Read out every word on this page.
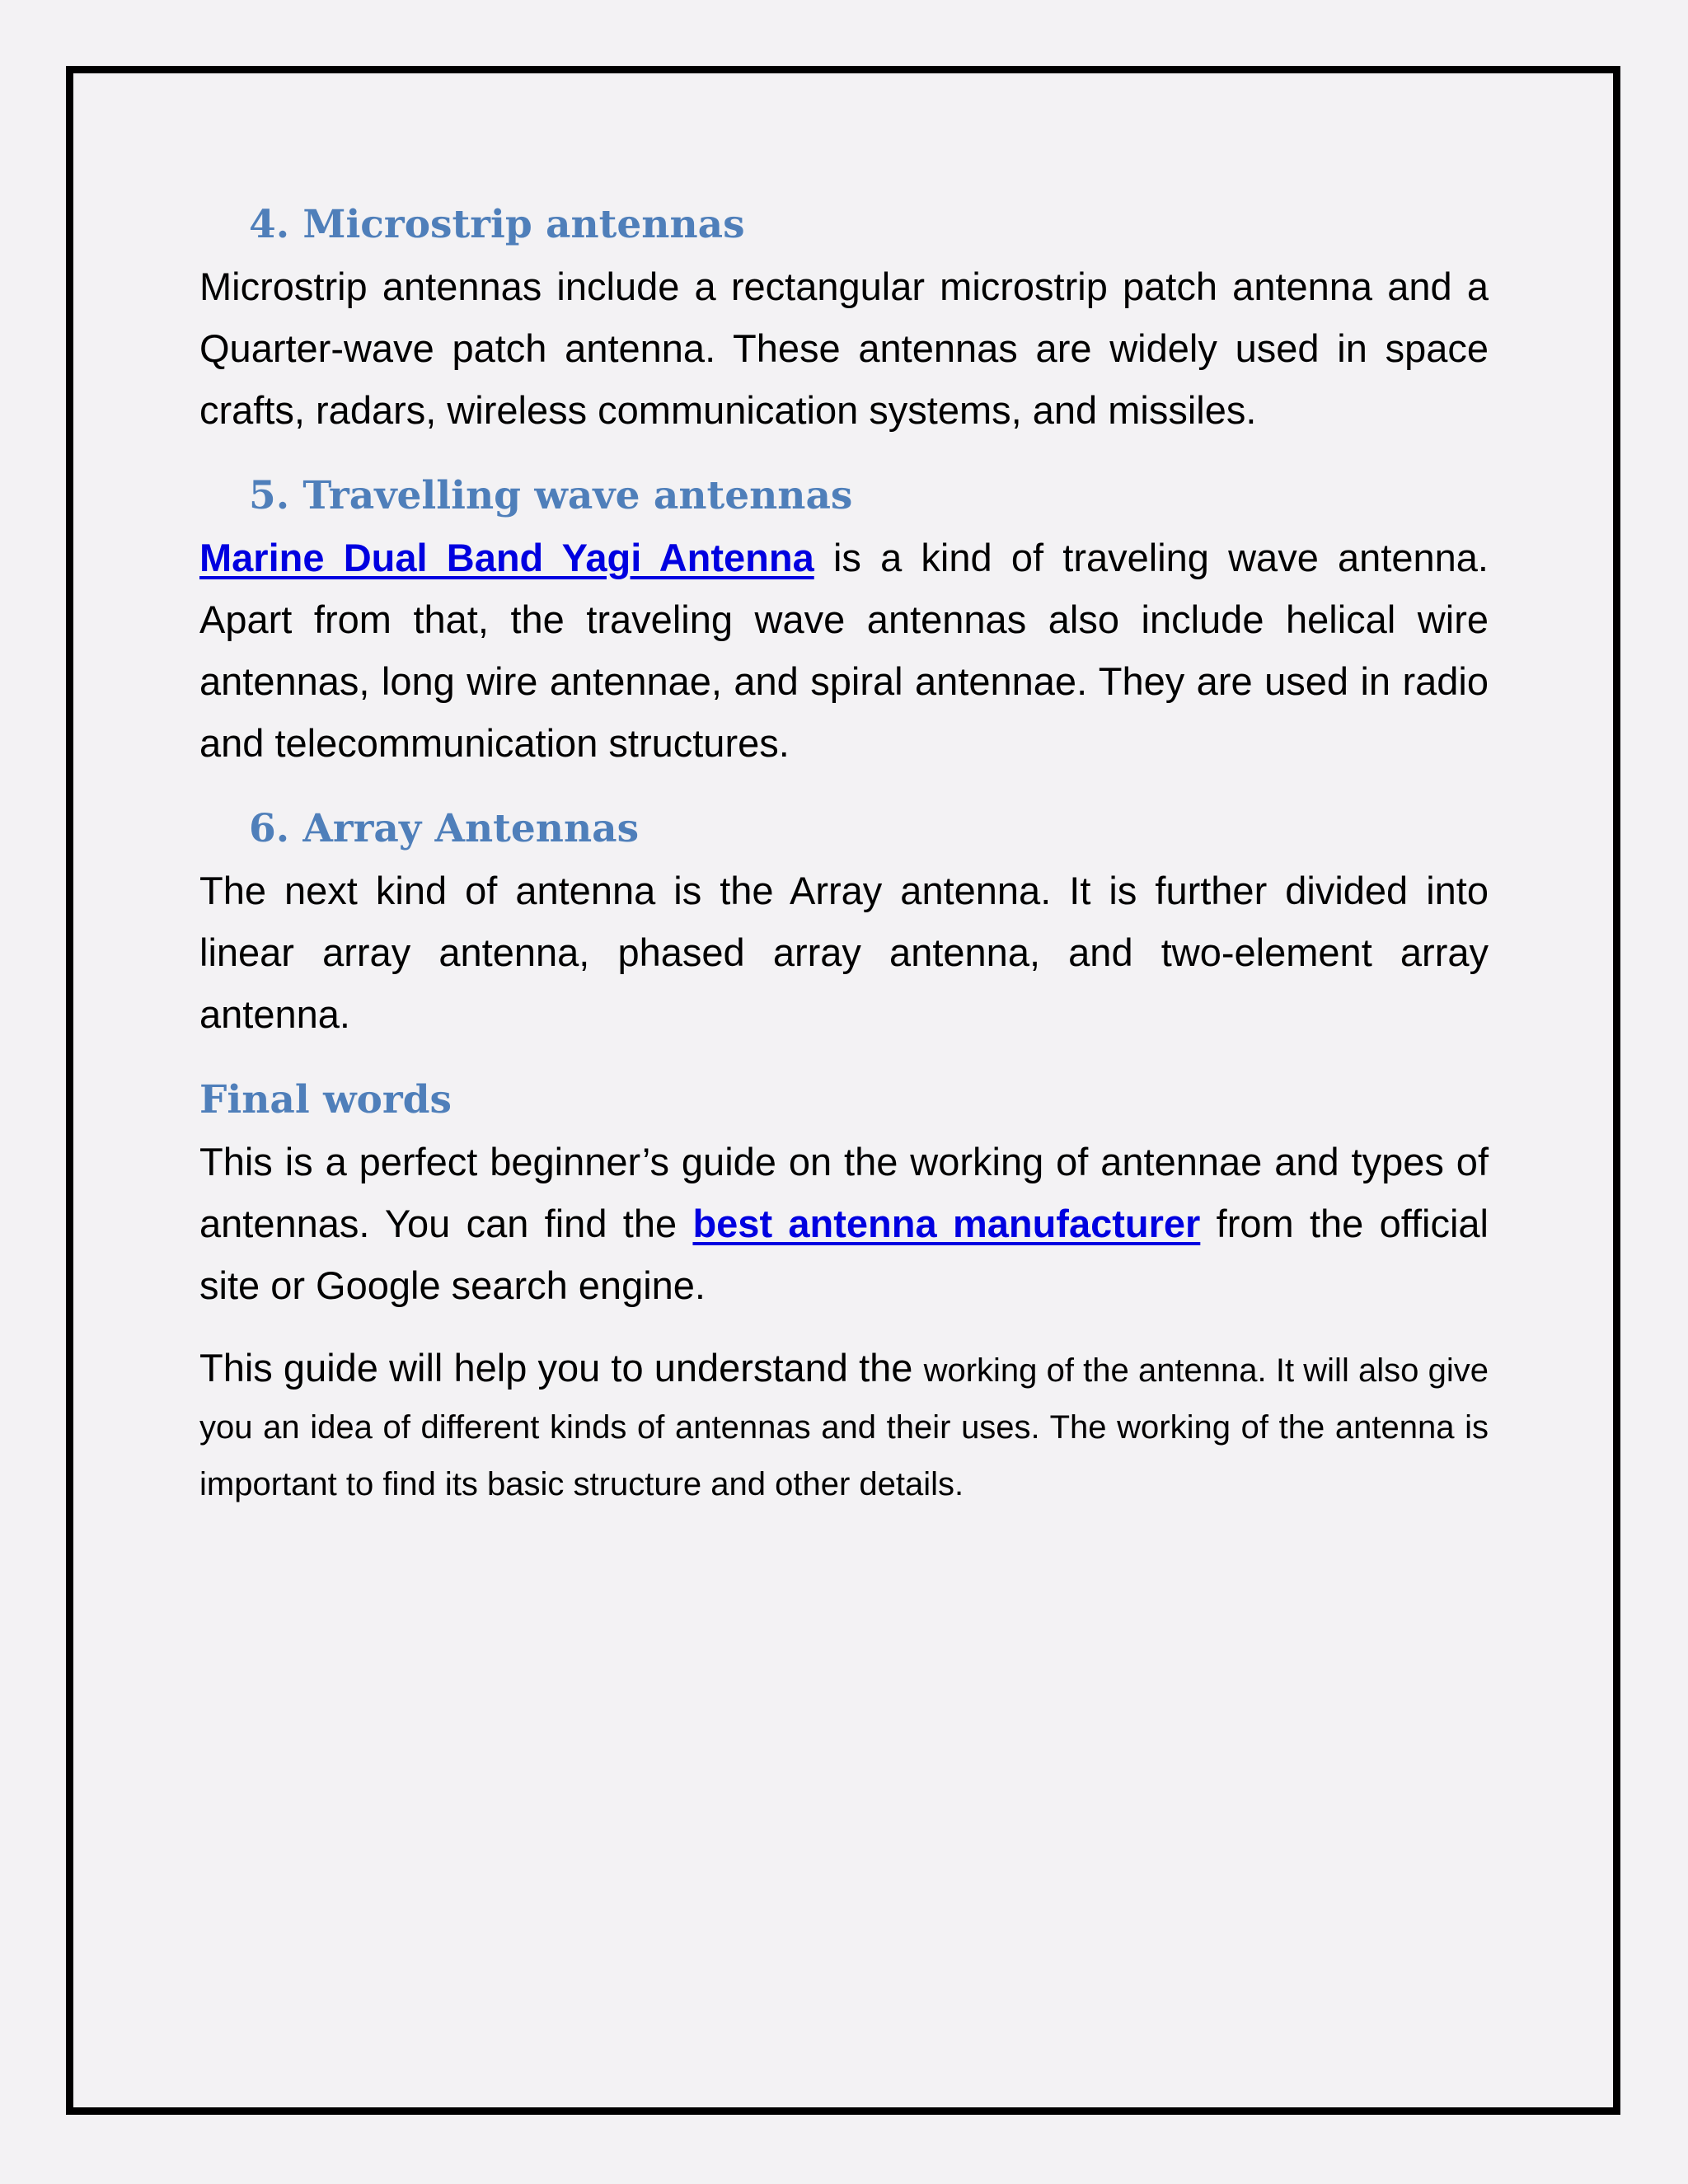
4. Microstrip antennas

Microstrip antennas include a rectangular microstrip patch antenna and a Quarter-wave patch antenna. These antennas are widely used in space crafts, radars, wireless communication systems, and missiles.

5. Travelling wave antennas

Marine Dual Band Yagi Antenna is a kind of traveling wave antenna. Apart from that, the traveling wave antennas also include helical wire antennas, long wire antennae, and spiral antennae. They are used in radio and telecommunication structures.

6. Array Antennas

The next kind of antenna is the Array antenna. It is further divided into linear array antenna, phased array antenna, and two-element array antenna.

Final words

This is a perfect beginner’s guide on the working of antennae and types of antennas. You can find the best antenna manufacturer from the official site or Google search engine.

This guide will help you to understand the working of the antenna. It will also give you an idea of different kinds of antennas and their uses. The working of the antenna is important to find its basic structure and other details.
